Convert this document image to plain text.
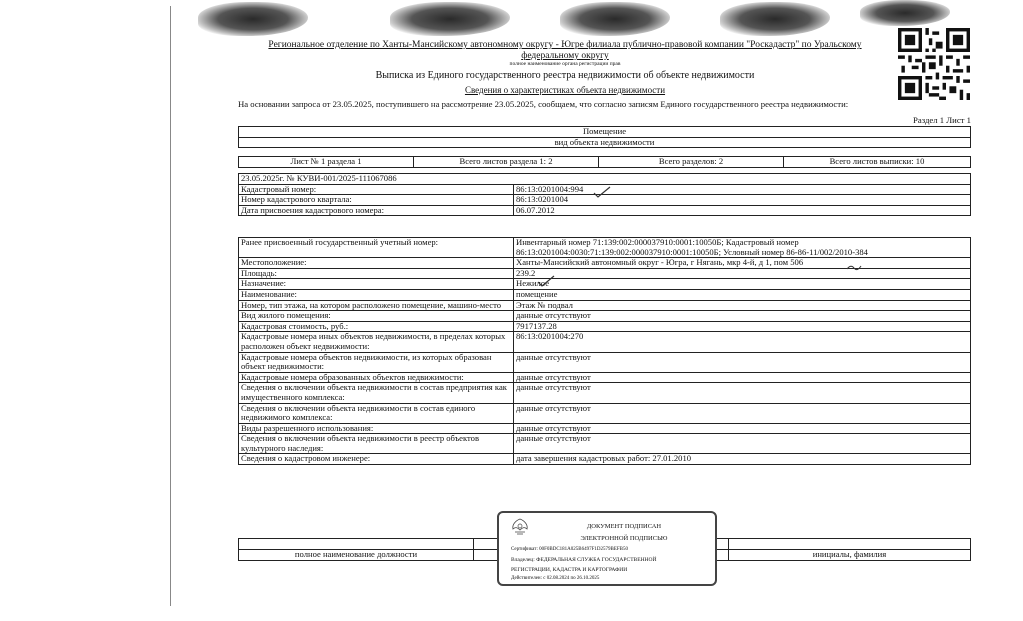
Региональное отделение по Ханты-Мансийскому автономному округу - Югре филиала публично-правовой компании "Роскадастр" по Уральскому
федеральному округу
полное наименование органа регистрации прав
Выписка из Единого государственного реестра недвижимости об объекте недвижимости
Сведения о характеристиках объекта недвижимости
На основании запроса от 23.05.2025, поступившего на рассмотрение 23.05.2025, сообщаем, что согласно записям Единого государственного реестра недвижимости:
Раздел 1 Лист 1
Помещение
вид объекта недвижимости
Лист № 1 раздела 1	Всего листов раздела 1: 2	Всего разделов: 2	Всего листов выписки: 10
23.05.2025г. № КУВИ-001/2025-111067086	
Кадастровый номер:	86:13:0201004:994
Номер кадастрового квартала:	86:13:0201004
Дата присвоения кадастрового номера:	06.07.2012
Ранее присвоенный государственный учетный номер:	Инвентарный номер 71:139:002:000037910:0001:10050Б; Кадастровый номер 86:13:0201004:0030:71:139:002:000037910:0001:10050Б; Условный номер 86-86-11/002/2010-384
Местоположение:	Ханты-Мансийский автономный округ - Югра, г Нягань, мкр 4-й, д 1, пом 506
Площадь:	239.2
Назначение:	Нежилое
Наименование:	помещение
Номер, тип этажа, на котором расположено помещение, машино-место	Этаж № подвал
Вид жилого помещения:	данные отсутствуют
Кадастровая стоимость, руб.:	7917137.28
Кадастровые номера иных объектов недвижимости, в пределах которых расположен объект недвижимости:	86:13:0201004:270
Кадастровые номера объектов недвижимости, из которых образован объект недвижимости:	данные отсутствуют
Кадастровые номера образованных объектов недвижимости:	данные отсутствуют
Сведения о включении объекта недвижимости в состав предприятия как имущественного комплекса:	данные отсутствуют
Сведения о включении объекта недвижимости в состав единого недвижимого комплекса:	данные отсутствуют
Виды разрешенного использования:	данные отсутствуют
Сведения о включении объекта недвижимости в реестр объектов культурного наследия:	данные отсутствуют
Сведения о кадастровом инженере:	дата завершения кадастровых работ: 27.01.2010

полное наименование должности		инициалы, фамилия
ДОКУМЕНТ ПОДПИСАН
ЭЛЕКТРОННОЙ ПОДПИСЬЮ
Сертификат: 00F0BDC181A025B6497F1D2579BEFB50
Владелец: ФЕДЕРАЛЬНАЯ СЛУЖБА ГОСУДАРСТВЕННОЙ
РЕГИСТРАЦИИ, КАДАСТРА И КАРТОГРАФИИ
Действителен: с 02.08.2024 по 26.10.2025
